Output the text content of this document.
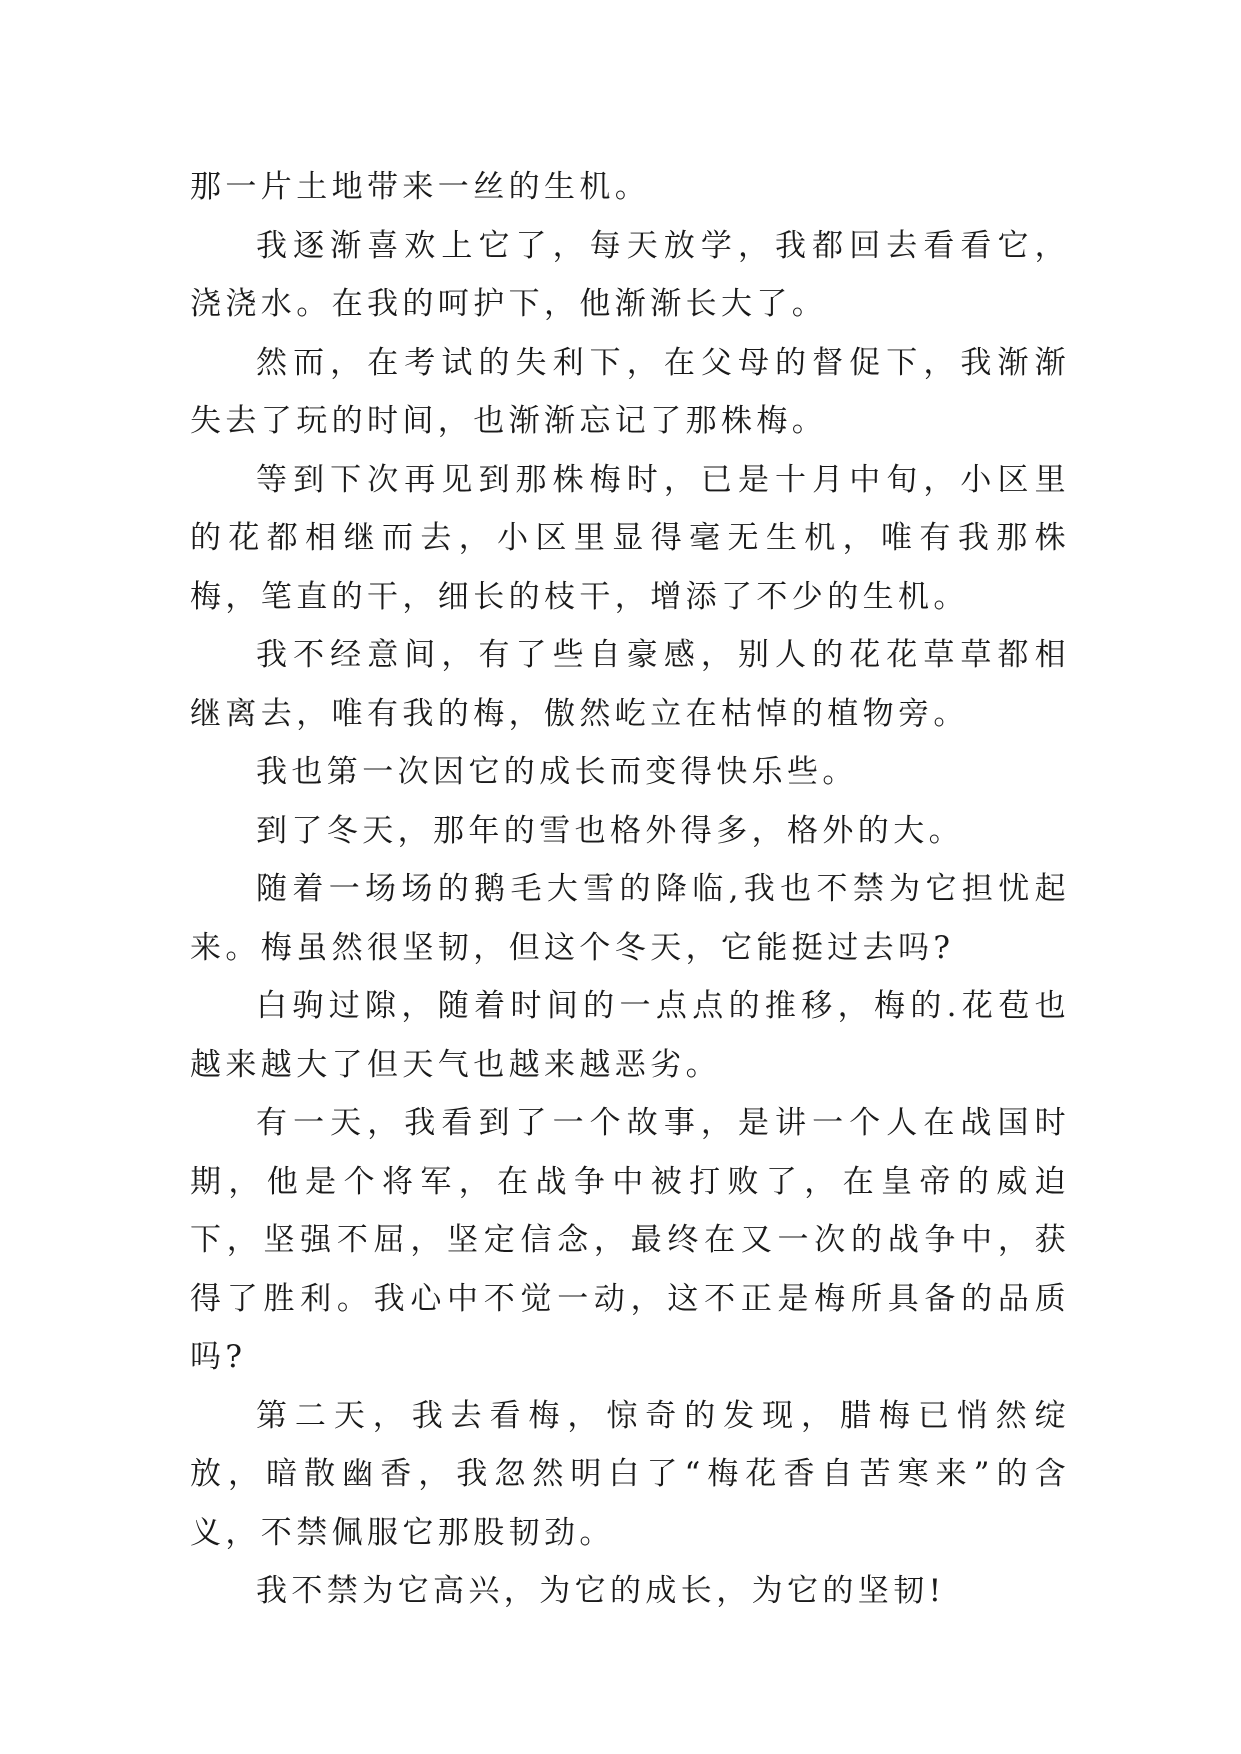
那一片土地带来一丝的生机。

我逐渐喜欢上它了，每天放学，我都回去看看它，浇浇水。在我的呵护下，他渐渐长大了。

然而，在考试的失利下，在父母的督促下，我渐渐失去了玩的时间，也渐渐忘记了那株梅。

等到下次再见到那株梅时，已是十月中旬，小区里的花都相继而去，小区里显得毫无生机，唯有我那株梅，笔直的干，细长的枝干，增添了不少的生机。

我不经意间，有了些自豪感，别人的花花草草都相继离去，唯有我的梅，傲然屹立在枯悼的植物旁。

我也第一次因它的成长而变得快乐些。

到了冬天，那年的雪也格外得多，格外的大。

随着一场场的鹅毛大雪的降临,我也不禁为它担忧起来。梅虽然很坚韧，但这个冬天，它能挺过去吗?

白驹过隙，随着时间的一点点的推移，梅的.花苞也越来越大了但天气也越来越恶劣。

有一天，我看到了一个故事，是讲一个人在战国时期，他是个将军，在战争中被打败了，在皇帝的威迫下，坚强不屈，坚定信念，最终在又一次的战争中，获得了胜利。我心中不觉一动，这不正是梅所具备的品质吗?

第二天，我去看梅，惊奇的发现，腊梅已悄然绽放，暗散幽香，我忽然明白了“梅花香自苦寒来”的含义，不禁佩服它那股韧劲。

我不禁为它高兴，为它的成长，为它的坚韧!
